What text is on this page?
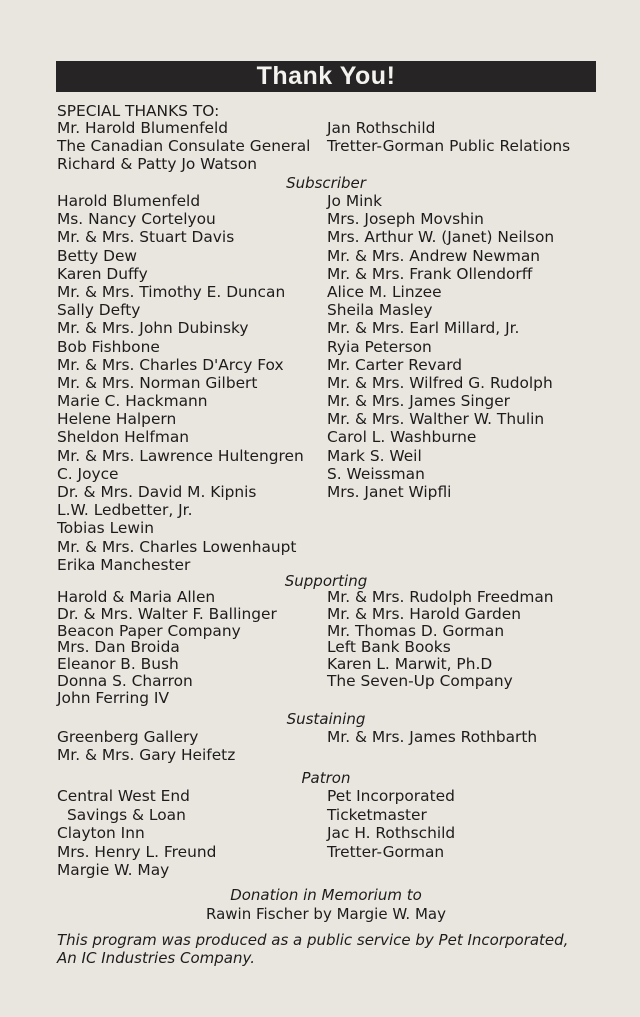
Thank You!
SPECIAL THANKS TO:
Mr. Harold Blumenfeld
The Canadian Consulate General
Richard & Patty Jo Watson
Jan Rothschild
Tretter-Gorman Public Relations
Subscriber
Harold Blumenfeld
Ms. Nancy Cortelyou
Mr. & Mrs. Stuart Davis
Betty Dew
Karen Duffy
Mr. & Mrs. Timothy E. Duncan
Sally Defty
Mr. & Mrs. John Dubinsky
Bob Fishbone
Mr. & Mrs. Charles D'Arcy Fox
Mr. & Mrs. Norman Gilbert
Marie C. Hackmann
Helene Halpern
Sheldon Helfman
Mr. & Mrs. Lawrence Hultengren
C. Joyce
Dr. & Mrs. David M. Kipnis
L.W. Ledbetter, Jr.
Tobias Lewin
Mr. & Mrs. Charles Lowenhaupt
Erika Manchester
Jo Mink
Mrs. Joseph Movshin
Mrs. Arthur W. (Janet) Neilson
Mr. & Mrs. Andrew Newman
Mr. & Mrs. Frank Ollendorff
Alice M. Linzee
Sheila Masley
Mr. & Mrs. Earl Millard, Jr.
Ryia Peterson
Mr. Carter Revard
Mr. & Mrs. Wilfred G. Rudolph
Mr. & Mrs. James Singer
Mr. & Mrs. Walther W. Thulin
Carol L. Washburne
Mark S. Weil
S. Weissman
Mrs. Janet Wipfli
Supporting
Harold & Maria Allen
Dr. & Mrs. Walter F. Ballinger
Beacon Paper Company
Mrs. Dan Broida
Eleanor B. Bush
Donna S. Charron
John Ferring IV
Mr. & Mrs. Rudolph Freedman
Mr. & Mrs. Harold Garden
Mr. Thomas D. Gorman
Left Bank Books
Karen L. Marwit, Ph.D
The Seven-Up Company
Sustaining
Greenberg Gallery
Mr. & Mrs. Gary Heifetz
Mr. & Mrs. James Rothbarth
Patron
Central West End
Savings & Loan
Clayton Inn
Mrs. Henry L. Freund
Margie W. May
Pet Incorporated
Ticketmaster
Jac H. Rothschild
Tretter-Gorman
Donation in Memorium to
Rawin Fischer by Margie W. May
This program was produced as a public service by Pet Incorporated,
An IC Industries Company.
